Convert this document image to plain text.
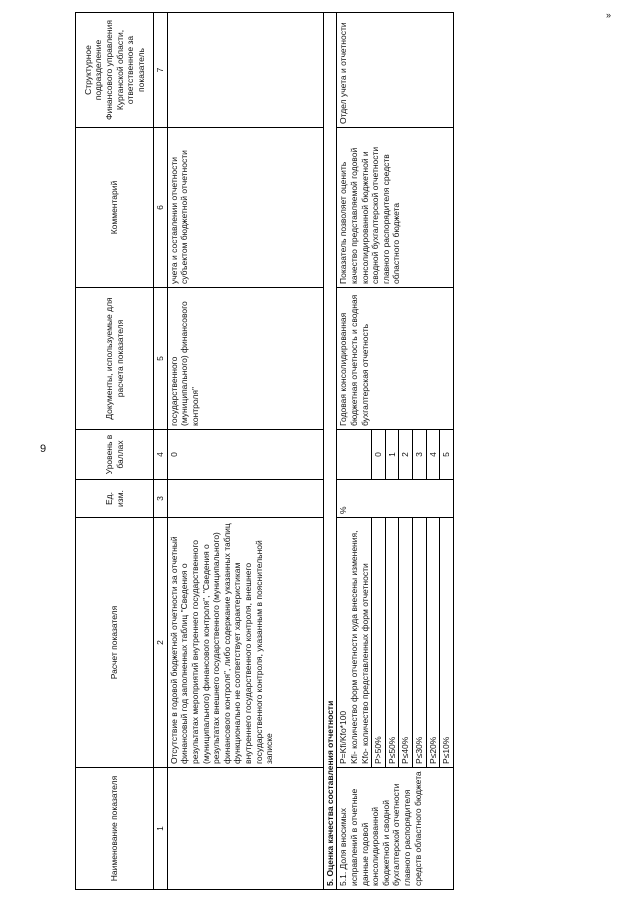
9
»
Наименование показателя	Расчет показателя	Ед. изм.	Уровень в баллах	Документы, используемые для расчета показателя	Комментарий	Структурное подразделение Финансового управления Курганской области, ответственное за показатель
1	2	3	4	5	6	7
	Отсутствие в годовой бюджетной отчетности за отчетный финансовый год заполненных таблиц "Сведения о результатах мероприятий внутреннего государственного (муниципального) финансового контроля", "Сведения о результатах внешнего государственного (муниципального) финансового контроля", либо содержание указанных таблиц функционально не соответствует характеристикам внутреннего государственного контроля, внешнего государственного контроля, указанным в пояснительной записке		0	государственного (муниципального) финансового контроля"	учета и составлении отчетности субъектом бюджетной отчетности	
5. Оценка качества составления отчетности						
5.1. Доля вносимых исправлений в отчетные данные годовой консолидированной бюджетной и сводной бухгалтерской отчетности главного распорядителя средств областного бюджета	P=Kfi/Kfo*100 Kfi- количество форм отчетности куда внесены изменения, Kfo- количество представленных форм отчетности	%		Годовая консолидированная бюджетная отчетность и сводная бухгалтерская отчетность	Показатель позволяет оценить качество представляемой годовой консолидированной бюджетной и сводной бухгалтерской отчетности главного распорядителя средств областного бюджета	Отдел учета и отчетности
	P>50%		0			
	P≤50%		1			
	P≤40%		2			
	P≤30%		3			
	P≤20%		4			
	P≤10%		5			
